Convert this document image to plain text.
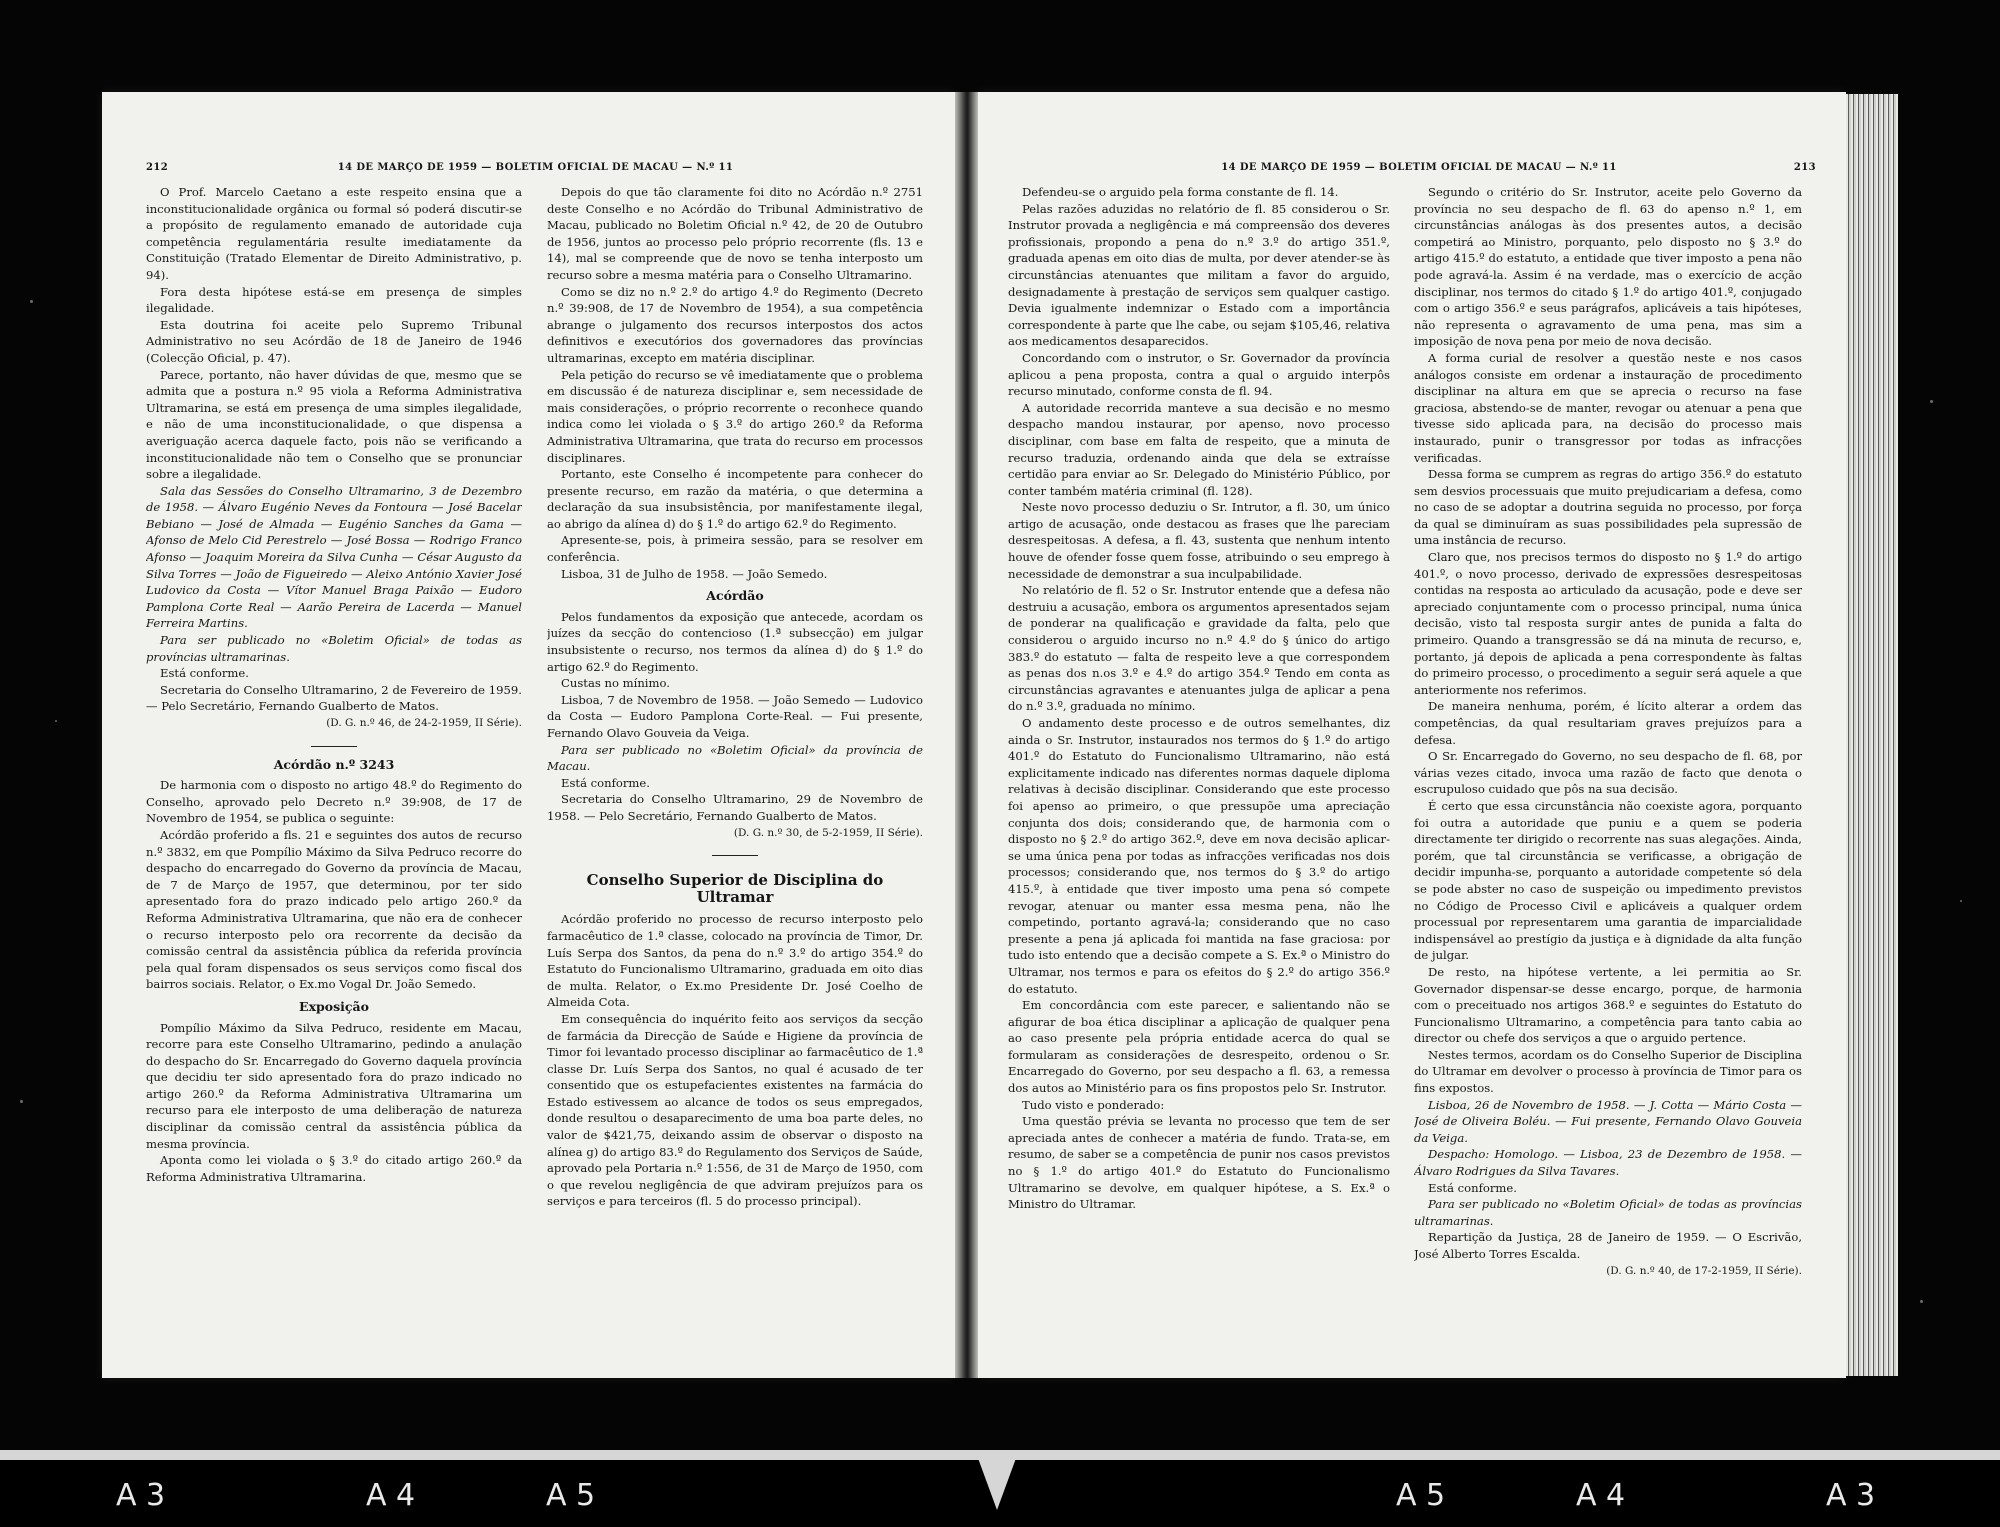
212	14 DE MARÇO DE 1959 — BOLETIM OFICIAL DE MACAU — N.º 11

O Prof. Marcelo Caetano a este respeito ensina que a inconstitucionalidade orgânica ou formal só poderá discutir-se a propósito de regulamento emanado de autoridade cuja competência regulamentária resulte imediatamente da Constituição (Tratado Elementar de Direito Administrativo, p. 94).

Fora desta hipótese está-se em presença de simples ilegalidade.

Esta doutrina foi aceite pelo Supremo Tribunal Administrativo no seu Acórdão de 18 de Janeiro de 1946 (Colecção Oficial, p. 47).

Parece, portanto, não haver dúvidas de que, mesmo que se admita que a postura n.º 95 viola a Reforma Administrativa Ultramarina, se está em presença de uma simples ilegalidade, e não de uma inconstitucionalidade, o que dispensa a averiguação acerca daquele facto, pois não se verificando a inconstitucionalidade não tem o Conselho que se pronunciar sobre a ilegalidade.

Sala das Sessões do Conselho Ultramarino, 3 de Dezembro de 1958. — Álvaro Eugénio Neves da Fontoura — José Bacelar Bebiano — José de Almada — Eugénio Sanches da Gama — Afonso de Melo Cid Perestrelo — José Bossa — Rodrigo Franco Afonso — Joaquim Moreira da Silva Cunha — César Augusto da Silva Torres — João de Figueiredo — Aleixo António Xavier José Ludovico da Costa — Vítor Manuel Braga Paixão — Eudoro Pamplona Corte Real — Aarão Pereira de Lacerda — Manuel Ferreira Martins.

Para ser publicado no «Boletim Oficial» de todas as províncias ultramarinas.

Está conforme.

Secretaria do Conselho Ultramarino, 2 de Fevereiro de 1959. — Pelo Secretário, Fernando Gualberto de Matos.

(D. G. n.º 46, de 24-2-1959, II Série).

Acórdão n.º 3243

De harmonia com o disposto no artigo 48.º do Regimento do Conselho, aprovado pelo Decreto n.º 39:908, de 17 de Novembro de 1954, se publica o seguinte:

Acórdão proferido a fls. 21 e seguintes dos autos de recurso n.º 3832, em que Pompílio Máximo da Silva Pedruco recorre do despacho do encarregado do Governo da província de Macau, de 7 de Março de 1957, que determinou, por ter sido apresentado fora do prazo indicado pelo artigo 260.º da Reforma Administrativa Ultramarina, que não era de conhecer o recurso interposto pelo ora recorrente da decisão da comissão central da assistência pública da referida província pela qual foram dispensados os seus serviços como fiscal dos bairros sociais. Relator, o Ex.mo Vogal Dr. João Semedo.

Exposição

Pompílio Máximo da Silva Pedruco, residente em Macau, recorre para este Conselho Ultramarino, pedindo a anulação do despacho do Sr. Encarregado do Governo daquela província que decidiu ter sido apresentado fora do prazo indicado no artigo 260.º da Reforma Administrativa Ultramarina um recurso para ele interposto de uma deliberação de natureza disciplinar da comissão central da assistência pública da mesma província.

Aponta como lei violada o § 3.º do citado artigo 260.º da Reforma Administrativa Ultramarina.

Depois do que tão claramente foi dito no Acórdão n.º 2751 deste Conselho e no Acórdão do Tribunal Administrativo de Macau, publicado no Boletim Oficial n.º 42, de 20 de Outubro de 1956, juntos ao processo pelo próprio recorrente (fls. 13 e 14), mal se compreende que de novo se tenha interposto um recurso sobre a mesma matéria para o Conselho Ultramarino.

Como se diz no n.º 2.º do artigo 4.º do Regimento (Decreto n.º 39:908, de 17 de Novembro de 1954), a sua competência abrange o julgamento dos recursos interpostos dos actos definitivos e executórios dos governadores das províncias ultramarinas, excepto em matéria disciplinar.

Pela petição do recurso se vê imediatamente que o problema em discussão é de natureza disciplinar e, sem necessidade de mais considerações, o próprio recorrente o reconhece quando indica como lei violada o § 3.º do artigo 260.º da Reforma Administrativa Ultramarina, que trata do recurso em processos disciplinares.

Portanto, este Conselho é incompetente para conhecer do presente recurso, em razão da matéria, o que determina a declaração da sua insubsistência, por manifestamente ilegal, ao abrigo da alínea d) do § 1.º do artigo 62.º do Regimento.

Apresente-se, pois, à primeira sessão, para se resolver em conferência.

Lisboa, 31 de Julho de 1958. — João Semedo.

Acórdão

Pelos fundamentos da exposição que antecede, acordam os juízes da secção do contencioso (1.ª subsecção) em julgar insubsistente o recurso, nos termos da alínea d) do § 1.º do artigo 62.º do Regimento.

Custas no mínimo.

Lisboa, 7 de Novembro de 1958. — João Semedo — Ludovico da Costa — Eudoro Pamplona Corte-Real. — Fui presente, Fernando Olavo Gouveia da Veiga.

Para ser publicado no «Boletim Oficial» da província de Macau.

Está conforme.

Secretaria do Conselho Ultramarino, 29 de Novembro de 1958. — Pelo Secretário, Fernando Gualberto de Matos.

(D. G. n.º 30, de 5-2-1959, II Série).

Conselho Superior de Disciplina do Ultramar

Acórdão proferido no processo de recurso interposto pelo farmacêutico de 1.ª classe, colocado na província de Timor, Dr. Luís Serpa dos Santos, da pena do n.º 3.º do artigo 354.º do Estatuto do Funcionalismo Ultramarino, graduada em oito dias de multa. Relator, o Ex.mo Presidente Dr. José Coelho de Almeida Cota.

Em consequência do inquérito feito aos serviços da secção de farmácia da Direcção de Saúde e Higiene da província de Timor foi levantado processo disciplinar ao farmacêutico de 1.ª classe Dr. Luís Serpa dos Santos, no qual é acusado de ter consentido que os estupefacientes existentes na farmácia do Estado estivessem ao alcance de todos os seus empregados, donde resultou o desaparecimento de uma boa parte deles, no valor de $421,75, deixando assim de observar o disposto na alínea g) do artigo 83.º do Regulamento dos Serviços de Saúde, aprovado pela Portaria n.º 1:556, de 31 de Março de 1950, com o que revelou negligência de que adviram prejuízos para os serviços e para terceiros (fl. 5 do processo principal).

14 DE MARÇO DE 1959 — BOLETIM OFICIAL DE MACAU — N.º 11	213

Defendeu-se o arguido pela forma constante de fl. 14.

Pelas razões aduzidas no relatório de fl. 85 considerou o Sr. Instrutor provada a negligência e má compreensão dos deveres profissionais, propondo a pena do n.º 3.º do artigo 351.º, graduada apenas em oito dias de multa, por dever atender-se às circunstâncias atenuantes que militam a favor do arguido, designadamente à prestação de serviços sem qualquer castigo. Devia igualmente indemnizar o Estado com a importância correspondente à parte que lhe cabe, ou sejam $105,46, relativa aos medicamentos desaparecidos.

Concordando com o instrutor, o Sr. Governador da província aplicou a pena proposta, contra a qual o arguido interpôs recurso minutado, conforme consta de fl. 94.

A autoridade recorrida manteve a sua decisão e no mesmo despacho mandou instaurar, por apenso, novo processo disciplinar, com base em falta de respeito, que a minuta de recurso traduzia, ordenando ainda que dela se extraísse certidão para enviar ao Sr. Delegado do Ministério Público, por conter também matéria criminal (fl. 128).

Neste novo processo deduziu o Sr. Intrutor, a fl. 30, um único artigo de acusação, onde destacou as frases que lhe pareciam desrespeitosas. A defesa, a fl. 43, sustenta que nenhum intento houve de ofender fosse quem fosse, atribuindo o seu emprego à necessidade de demonstrar a sua inculpabilidade.

No relatório de fl. 52 o Sr. Instrutor entende que a defesa não destruiu a acusação, embora os argumentos apresentados sejam de ponderar na qualificação e gravidade da falta, pelo que considerou o arguido incurso no n.º 4.º do § único do artigo 383.º do estatuto — falta de respeito leve a que correspondem as penas dos n.os 3.º e 4.º do artigo 354.º Tendo em conta as circunstâncias agravantes e atenuantes julga de aplicar a pena do n.º 3.º, graduada no mínimo.

O andamento deste processo e de outros semelhantes, diz ainda o Sr. Instrutor, instaurados nos termos do § 1.º do artigo 401.º do Estatuto do Funcionalismo Ultramarino, não está explicitamente indicado nas diferentes normas daquele diploma relativas à decisão disciplinar. Considerando que este processo foi apenso ao primeiro, o que pressupõe uma apreciação conjunta dos dois; considerando que, de harmonia com o disposto no § 2.º do artigo 362.º, deve em nova decisão aplicar-se uma única pena por todas as infracções verificadas nos dois processos; considerando que, nos termos do § 3.º do artigo 415.º, à entidade que tiver imposto uma pena só compete revogar, atenuar ou manter essa mesma pena, não lhe competindo, portanto agravá-la; considerando que no caso presente a pena já aplicada foi mantida na fase graciosa: por tudo isto entendo que a decisão compete a S. Ex.ª o Ministro do Ultramar, nos termos e para os efeitos do § 2.º do artigo 356.º do estatuto.

Em concordância com este parecer, e salientando não se afigurar de boa ética disciplinar a aplicação de qualquer pena ao caso presente pela própria entidade acerca do qual se formularam as considerações de desrespeito, ordenou o Sr. Encarregado do Governo, por seu despacho a fl. 63, a remessa dos autos ao Ministério para os fins propostos pelo Sr. Instrutor.

Tudo visto e ponderado:

Uma questão prévia se levanta no processo que tem de ser apreciada antes de conhecer a matéria de fundo. Trata-se, em resumo, de saber se a competência de punir nos casos previstos no § 1.º do artigo 401.º do Estatuto do Funcionalismo Ultramarino se devolve, em qualquer hipótese, a S. Ex.ª o Ministro do Ultramar.

Segundo o critério do Sr. Instrutor, aceite pelo Governo da província no seu despacho de fl. 63 do apenso n.º 1, em circunstâncias análogas às dos presentes autos, a decisão competirá ao Ministro, porquanto, pelo disposto no § 3.º do artigo 415.º do estatuto, a entidade que tiver imposto a pena não pode agravá-la. Assim é na verdade, mas o exercício de acção disciplinar, nos termos do citado § 1.º do artigo 401.º, conjugado com o artigo 356.º e seus parágrafos, aplicáveis a tais hipóteses, não representa o agravamento de uma pena, mas sim a imposição de nova pena por meio de nova decisão.

A forma curial de resolver a questão neste e nos casos análogos consiste em ordenar a instauração de procedimento disciplinar na altura em que se aprecia o recurso na fase graciosa, abstendo-se de manter, revogar ou atenuar a pena que tivesse sido aplicada para, na decisão do processo mais instaurado, punir o transgressor por todas as infracções verificadas.

Dessa forma se cumprem as regras do artigo 356.º do estatuto sem desvios processuais que muito prejudicariam a defesa, como no caso de se adoptar a doutrina seguida no processo, por força da qual se diminuíram as suas possibilidades pela supressão de uma instância de recurso.

Claro que, nos precisos termos do disposto no § 1.º do artigo 401.º, o novo processo, derivado de expressões desrespeitosas contidas na resposta ao articulado da acusação, pode e deve ser apreciado conjuntamente com o processo principal, numa única decisão, visto tal resposta surgir antes de punida a falta do primeiro. Quando a transgressão se dá na minuta de recurso, e, portanto, já depois de aplicada a pena correspondente às faltas do primeiro processo, o procedimento a seguir será aquele a que anteriormente nos referimos.

De maneira nenhuma, porém, é lícito alterar a ordem das competências, da qual resultariam graves prejuízos para a defesa.

O Sr. Encarregado do Governo, no seu despacho de fl. 68, por várias vezes citado, invoca uma razão de facto que denota o escrupuloso cuidado que pôs na sua decisão.

É certo que essa circunstância não coexiste agora, porquanto foi outra a autoridade que puniu e a quem se poderia directamente ter dirigido o recorrente nas suas alegações. Ainda, porém, que tal circunstância se verificasse, a obrigação de decidir impunha-se, porquanto a autoridade competente só dela se pode abster no caso de suspeição ou impedimento previstos no Código de Processo Civil e aplicáveis a qualquer ordem processual por representarem uma garantia de imparcialidade indispensável ao prestígio da justiça e à dignidade da alta função de julgar.

De resto, na hipótese vertente, a lei permitia ao Sr. Governador dispensar-se desse encargo, porque, de harmonia com o preceituado nos artigos 368.º e seguintes do Estatuto do Funcionalismo Ultramarino, a competência para tanto cabia ao director ou chefe dos serviços a que o arguido pertence.

Nestes termos, acordam os do Conselho Superior de Disciplina do Ultramar em devolver o processo à província de Timor para os fins expostos.

Lisboa, 26 de Novembro de 1958. — J. Cotta — Mário Costa — José de Oliveira Boléu. — Fui presente, Fernando Olavo Gouveia da Veiga.

Despacho: Homologo. — Lisboa, 23 de Dezembro de 1958. — Álvaro Rodrigues da Silva Tavares.

Está conforme.

Para ser publicado no «Boletim Oficial» de todas as províncias ultramarinas.

Repartição da Justiça, 28 de Janeiro de 1959. — O Escrivão, José Alberto Torres Escalda.

(D. G. n.º 40, de 17-2-1959, II Série).

A 3	A 4	A 5	A 5	A 4	A 3
